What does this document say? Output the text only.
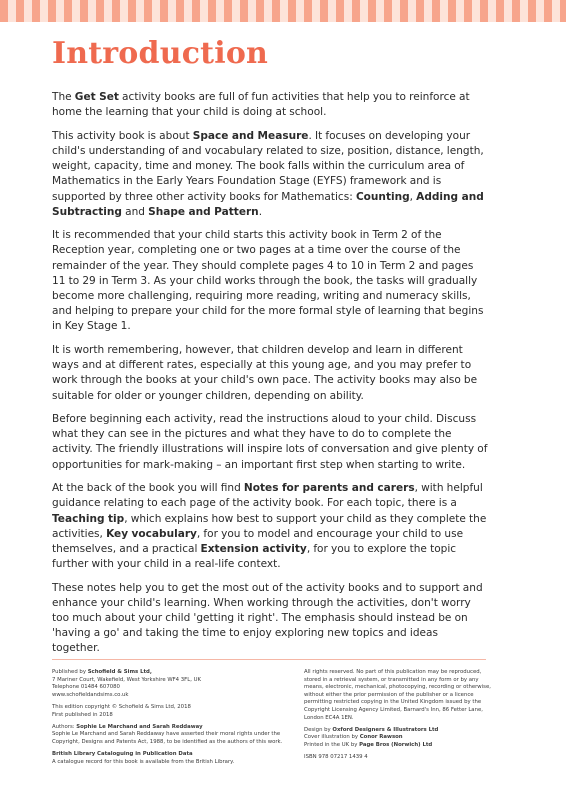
Introduction

The Get Set activity books are full of fun activities that help you to reinforce at home the learning that your child is doing at school.

This activity book is about Space and Measure. It focuses on developing your child's understanding of and vocabulary related to size, position, distance, length, weight, capacity, time and money. The book falls within the curriculum area of Mathematics in the Early Years Foundation Stage (EYFS) framework and is supported by three other activity books for Mathematics: Counting, Adding and Subtracting and Shape and Pattern.

It is recommended that your child starts this activity book in Term 2 of the Reception year, completing one or two pages at a time over the course of the remainder of the year. They should complete pages 4 to 10 in Term 2 and pages 11 to 29 in Term 3. As your child works through the book, the tasks will gradually become more challenging, requiring more reading, writing and numeracy skills, and helping to prepare your child for the more formal style of learning that begins in Key Stage 1.

It is worth remembering, however, that children develop and learn in different ways and at different rates, especially at this young age, and you may prefer to work through the books at your child's own pace. The activity books may also be suitable for older or younger children, depending on ability.

Before beginning each activity, read the instructions aloud to your child. Discuss what they can see in the pictures and what they have to do to complete the activity. The friendly illustrations will inspire lots of conversation and give plenty of opportunities for mark-making – an important first step when starting to write.

At the back of the book you will find Notes for parents and carers, with helpful guidance relating to each page of the activity book. For each topic, there is a Teaching tip, which explains how best to support your child as they complete the activities, Key vocabulary, for you to model and encourage your child to use themselves, and a practical Extension activity, for you to explore the topic further with your child in a real-life context.

These notes help you to get the most out of the activity books and to support and enhance your child's learning. When working through the activities, don't worry too much about your child 'getting it right'. The emphasis should instead be on 'having a go' and taking the time to enjoy exploring new topics and ideas together.

Published by Schofield & Sims Ltd,
7 Mariner Court, Wakefield, West Yorkshire WF4 3FL, UK
Telephone 01484 607080
www.schofieldandsims.co.uk

This edition copyright © Schofield & Sims Ltd, 2018
First published in 2018

Authors: Sophie Le Marchand and Sarah Reddaway
Sophie Le Marchand and Sarah Reddaway have asserted their moral rights under the Copyright, Designs and Patents Act, 1988, to be identified as the authors of this work.

British Library Cataloguing in Publication Data
A catalogue record for this book is available from the British Library.

All rights reserved. No part of this publication may be reproduced, stored in a retrieval system, or transmitted in any form or by any means, electronic, mechanical, photocopying, recording or otherwise, without either the prior permission of the publisher or a licence permitting restricted copying in the United Kingdom issued by the Copyright Licensing Agency Limited, Barnard's Inn, 86 Fetter Lane, London EC4A 1EN.

Design by Oxford Designers & Illustrators Ltd
Cover illustration by Conor Rawson
Printed in the UK by Page Bros (Norwich) Ltd

ISBN 978 07217 1439 4
